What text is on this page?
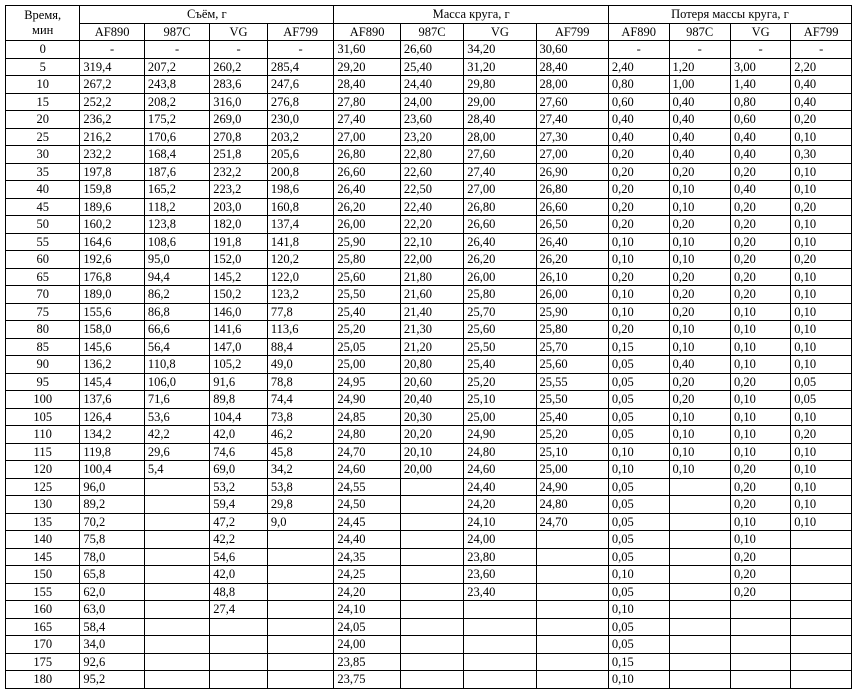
Время,
мин	Съём, г				Масса круга, г				Потеря массы круга, г			
	AF890	987C	VG	AF799	AF890	987C	VG	AF799	AF890	987C	VG	AF799
0	-	-	-	-	31,60	26,60	34,20	30,60	-	-	-	-
5	319,4	207,2	260,2	285,4	29,20	25,40	31,20	28,40	2,40	1,20	3,00	2,20
10	267,2	243,8	283,6	247,6	28,40	24,40	29,80	28,00	0,80	1,00	1,40	0,40
15	252,2	208,2	316,0	276,8	27,80	24,00	29,00	27,60	0,60	0,40	0,80	0,40
20	236,2	175,2	269,0	230,0	27,40	23,60	28,40	27,40	0,40	0,40	0,60	0,20
25	216,2	170,6	270,8	203,2	27,00	23,20	28,00	27,30	0,40	0,40	0,40	0,10
30	232,2	168,4	251,8	205,6	26,80	22,80	27,60	27,00	0,20	0,40	0,40	0,30
35	197,8	187,6	232,2	200,8	26,60	22,60	27,40	26,90	0,20	0,20	0,20	0,10
40	159,8	165,2	223,2	198,6	26,40	22,50	27,00	26,80	0,20	0,10	0,40	0,10
45	189,6	118,2	203,0	160,8	26,20	22,40	26,80	26,60	0,20	0,10	0,20	0,20
50	160,2	123,8	182,0	137,4	26,00	22,20	26,60	26,50	0,20	0,20	0,20	0,10
55	164,6	108,6	191,8	141,8	25,90	22,10	26,40	26,40	0,10	0,10	0,20	0,10
60	192,6	95,0	152,0	120,2	25,80	22,00	26,20	26,20	0,10	0,10	0,20	0,20
65	176,8	94,4	145,2	122,0	25,60	21,80	26,00	26,10	0,20	0,20	0,20	0,10
70	189,0	86,2	150,2	123,2	25,50	21,60	25,80	26,00	0,10	0,20	0,20	0,10
75	155,6	86,8	146,0	77,8	25,40	21,40	25,70	25,90	0,10	0,20	0,10	0,10
80	158,0	66,6	141,6	113,6	25,20	21,30	25,60	25,80	0,20	0,10	0,10	0,10
85	145,6	56,4	147,0	88,4	25,05	21,20	25,50	25,70	0,15	0,10	0,10	0,10
90	136,2	110,8	105,2	49,0	25,00	20,80	25,40	25,60	0,05	0,40	0,10	0,10
95	145,4	106,0	91,6	78,8	24,95	20,60	25,20	25,55	0,05	0,20	0,20	0,05
100	137,6	71,6	89,8	74,4	24,90	20,40	25,10	25,50	0,05	0,20	0,10	0,05
105	126,4	53,6	104,4	73,8	24,85	20,30	25,00	25,40	0,05	0,10	0,10	0,10
110	134,2	42,2	42,0	46,2	24,80	20,20	24,90	25,20	0,05	0,10	0,10	0,20
115	119,8	29,6	74,6	45,8	24,70	20,10	24,80	25,10	0,10	0,10	0,10	0,10
120	100,4	5,4	69,0	34,2	24,60	20,00	24,60	25,00	0,10	0,10	0,20	0,10
125	96,0		53,2	53,8	24,55		24,40	24,90	0,05		0,20	0,10
130	89,2		59,4	29,8	24,50		24,20	24,80	0,05		0,20	0,10
135	70,2		47,2	9,0	24,45		24,10	24,70	0,05		0,10	0,10
140	75,8		42,2		24,40		24,00		0,05		0,10	
145	78,0		54,6		24,35		23,80		0,05		0,20	
150	65,8		42,0		24,25		23,60		0,10		0,20	
155	62,0		48,8		24,20		23,40		0,05		0,20	
160	63,0		27,4		24,10				0,10			
165	58,4				24,05				0,05			
170	34,0				24,00				0,05			
175	92,6				23,85				0,15			
180	95,2				23,75				0,10			
